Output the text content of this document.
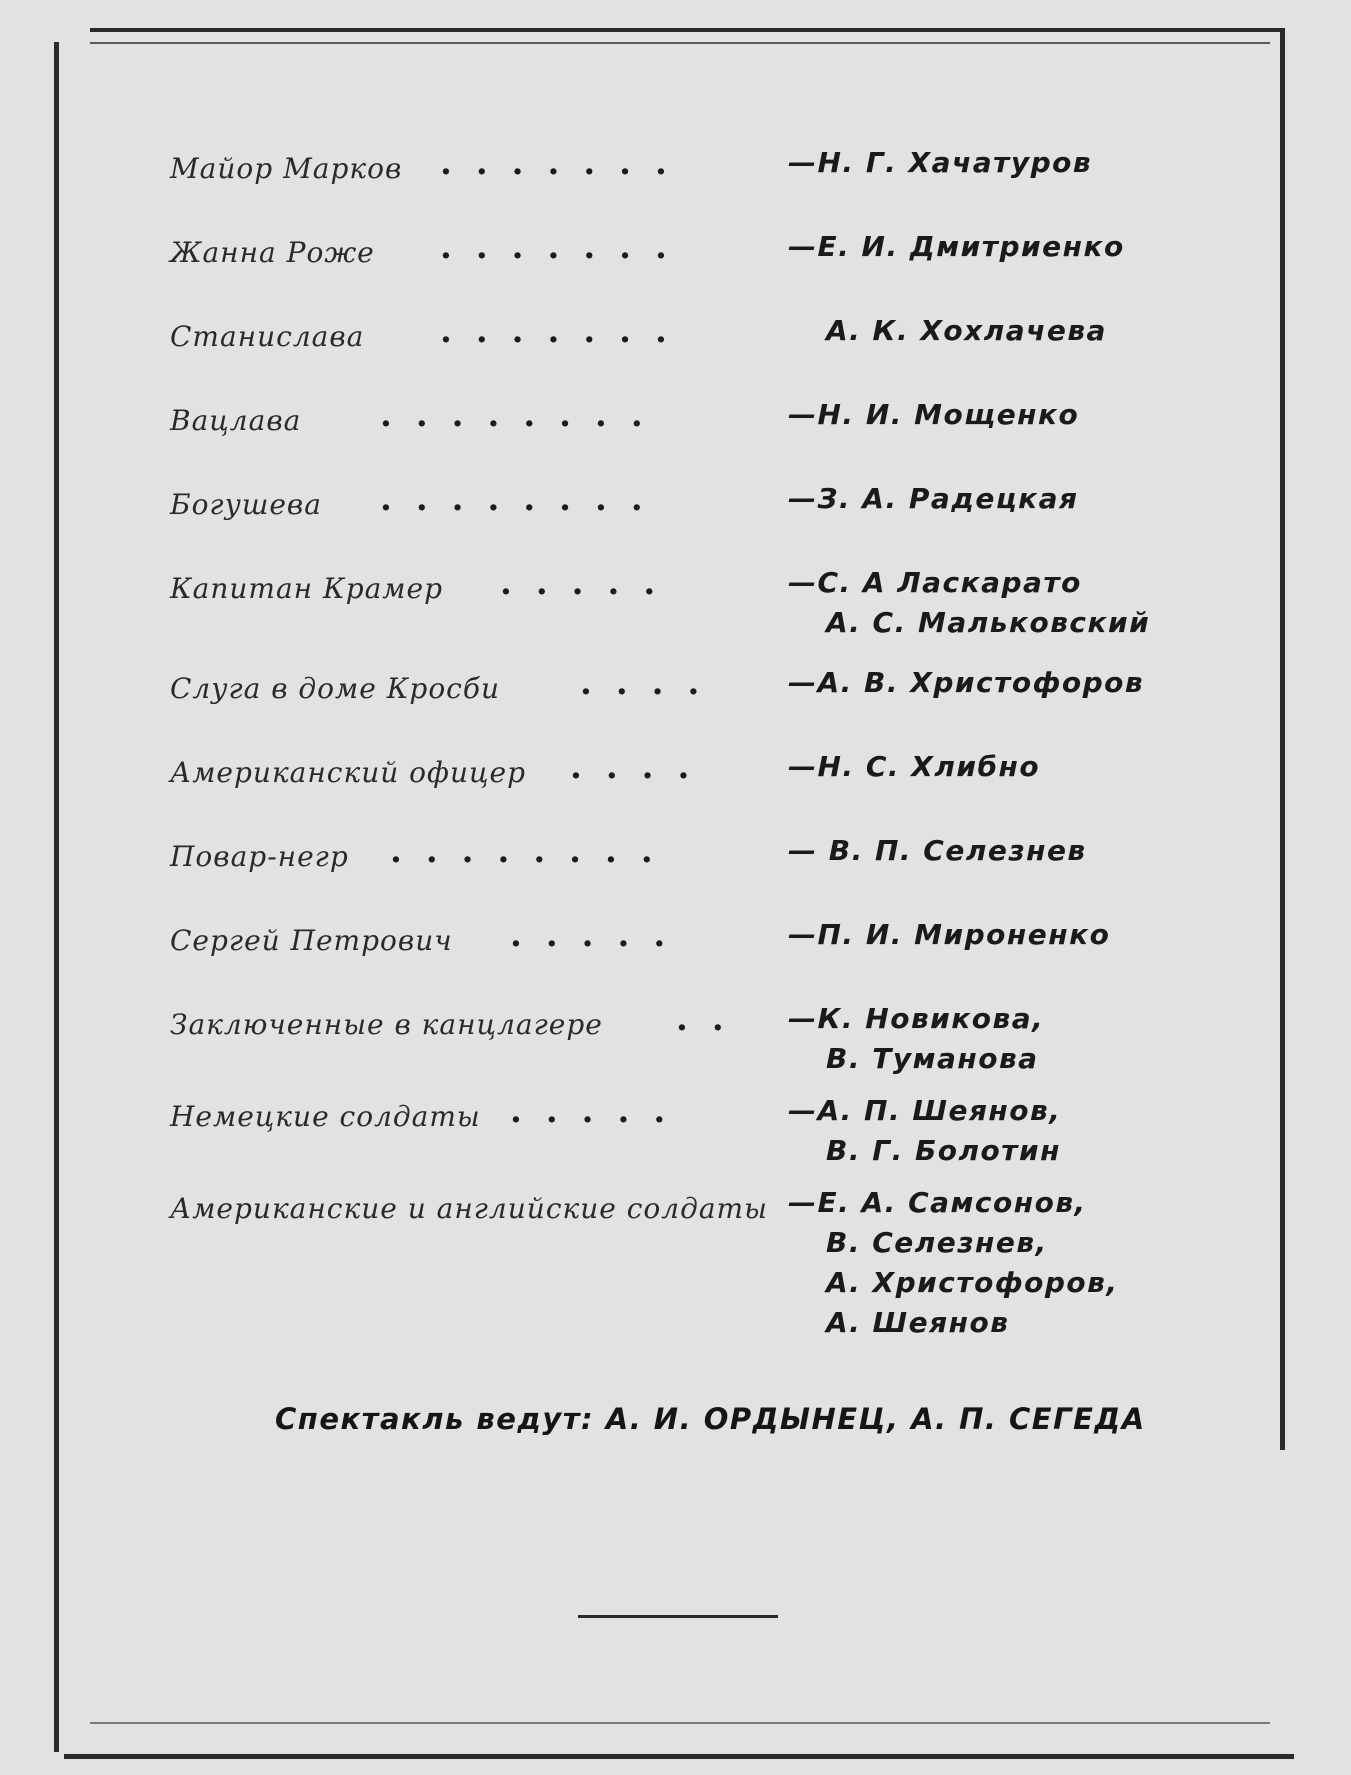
Майор Марков ·······	—Н. Г. Хачатуров
Жанна Роже ·······	—Е. И. Дмитриенко
Станислава ·······	А. К. Хохлачева
Вацлава ········	—Н. И. Мощенко
Богушева ········	—З. А. Радецкая
Капитан Крамер ·····	—С. А Ласкарато
А. С. Мальковский
Слуга в доме Кросби ···· —А. В. Христофоров
Американский офицер ····	—Н. С. Хлибно
Повар-негр ········	— В. П. Селезнев
Сергей Петрович ·····	—П. И. Мироненко
Заключенные в канцлагере ·· —К. Новикова,
В. Туманова
Немецкие солдаты ·····	—А. П. Шеянов,
В. Г. Болотин
Американские и английские солдаты —Е. А. Самсонов,
В. Селезнев,
А. Христофоров,
А. Шеянов
Спектакль ведут: А. И. ОРДЫНЕЦ, А. П. СЕГЕДА
